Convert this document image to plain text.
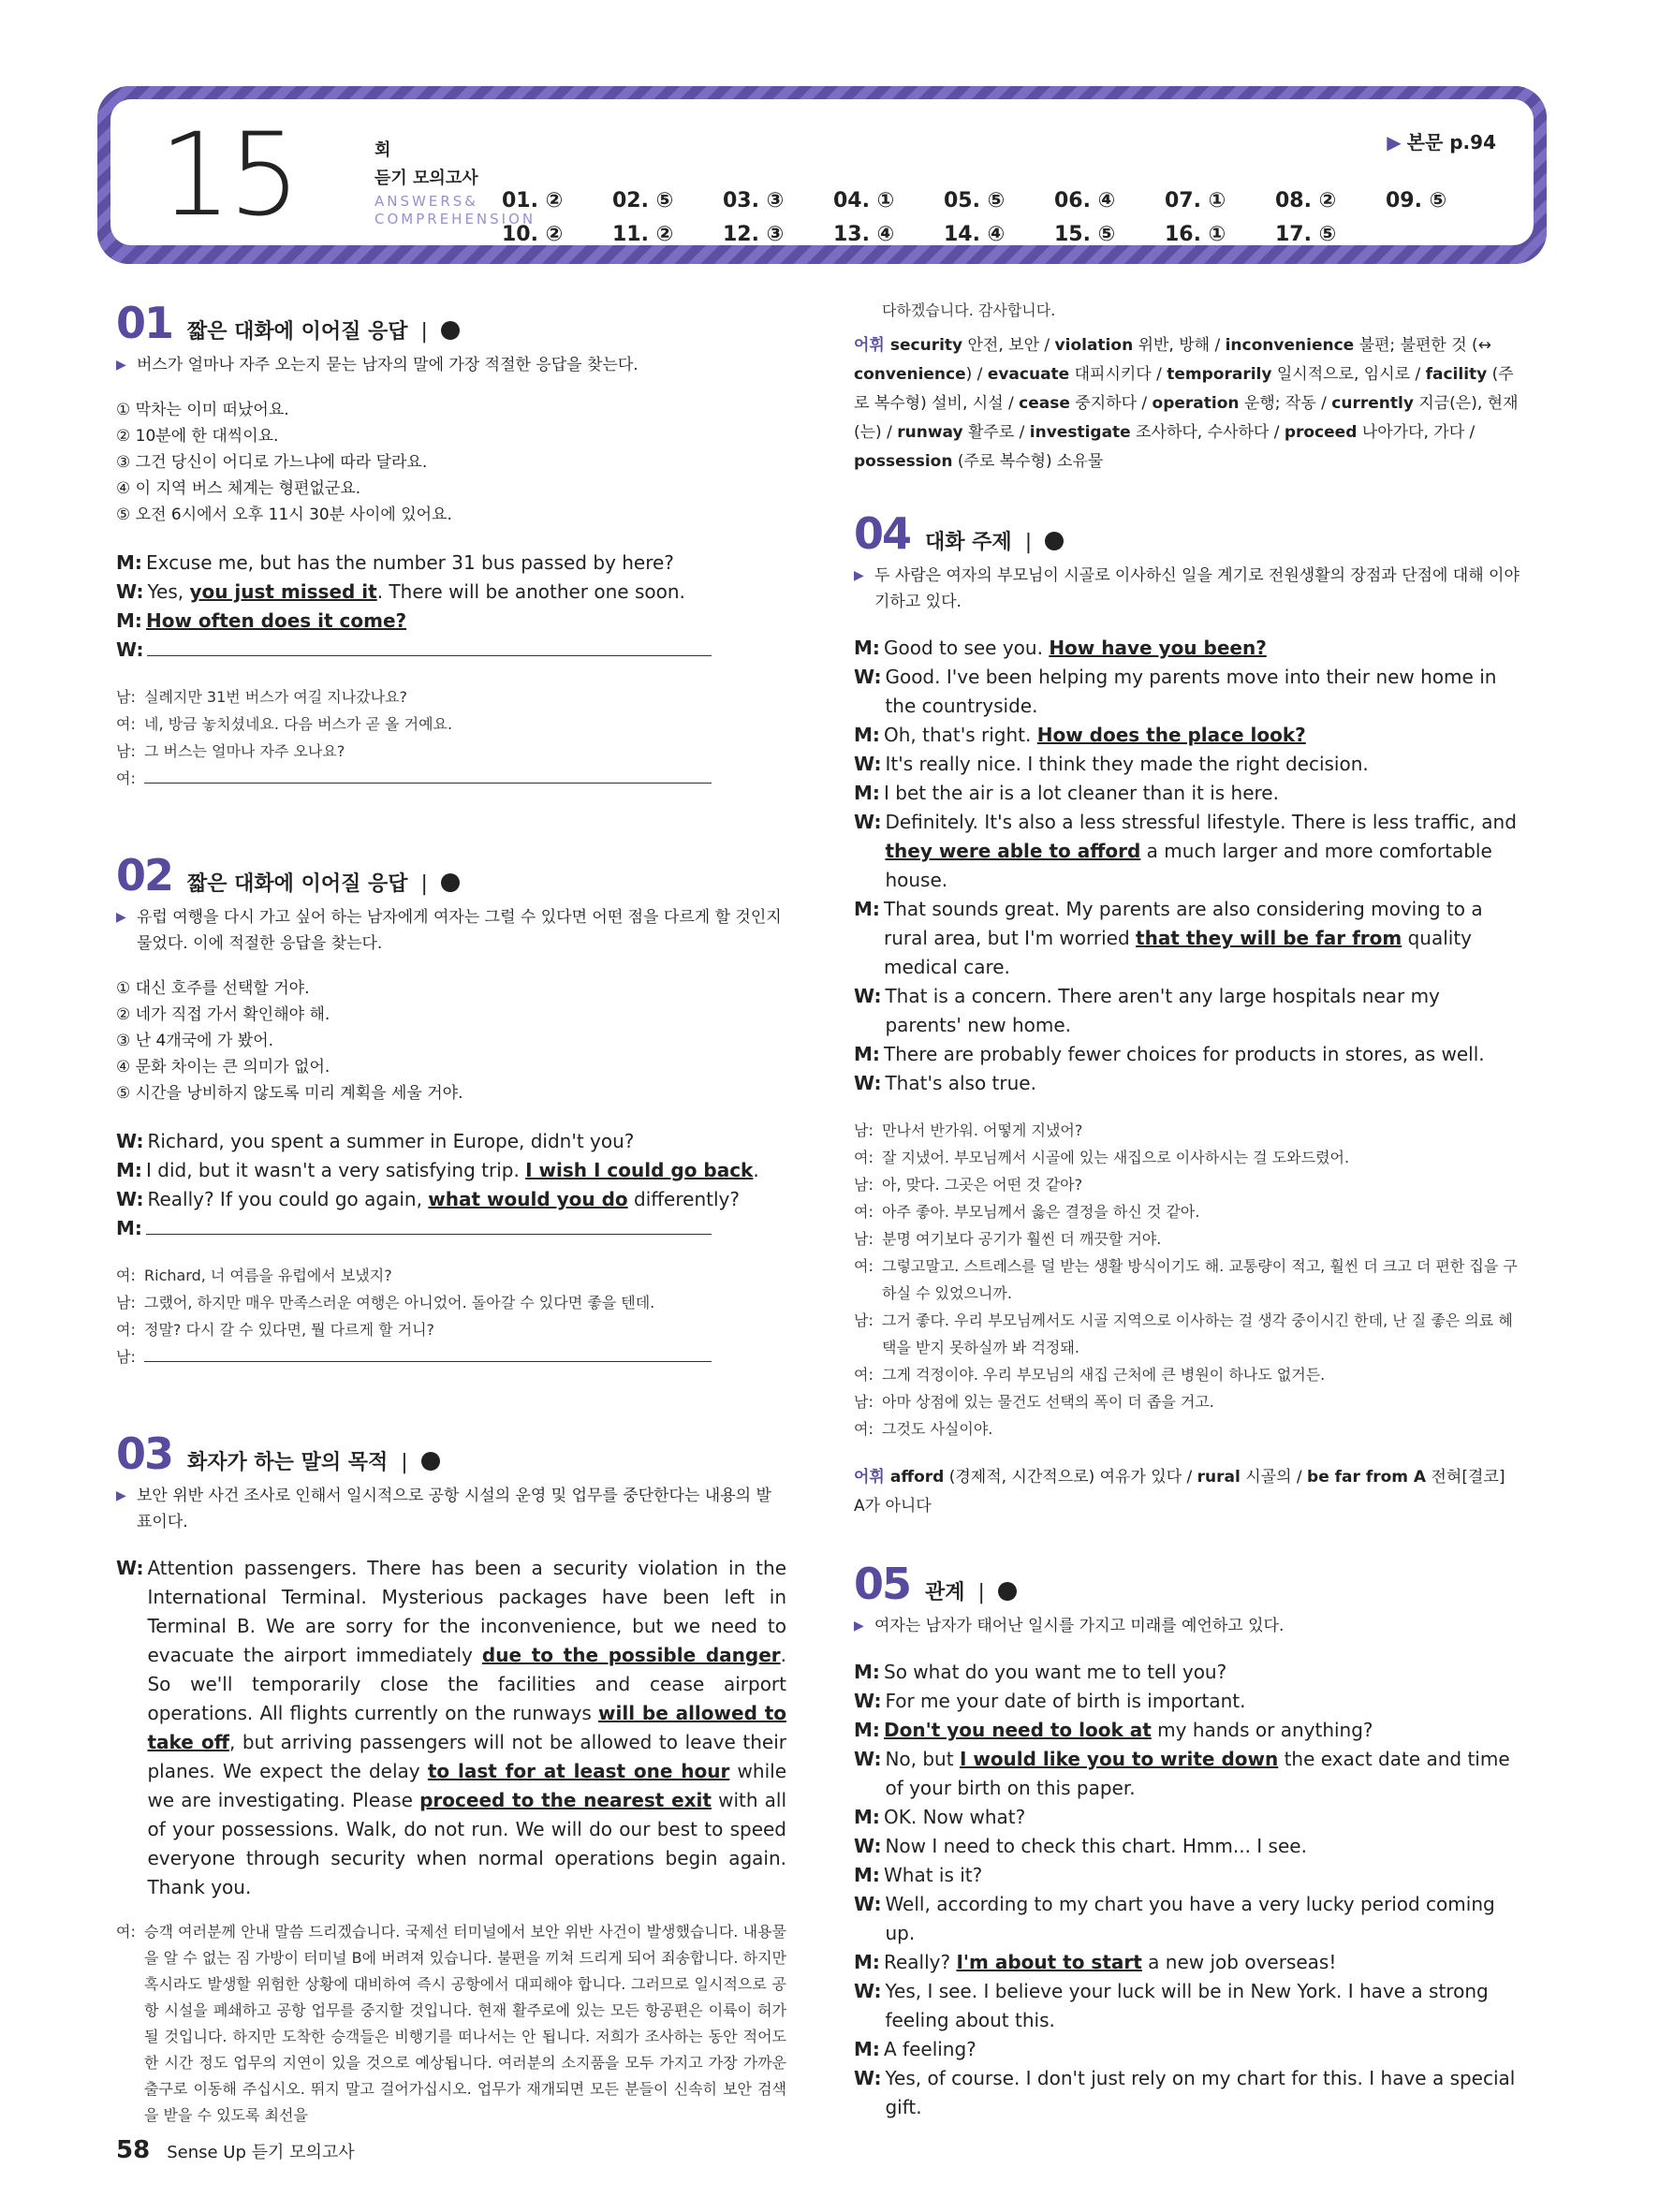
15	회
듣기 모의고사
ANSWERS&
COMPREHENSION
▶ 본문 p.94
01. ②	02. ⑤	03. ③	04. ①	05. ⑤	06. ④	07. ①	08. ②	09. ⑤
10. ②	11. ②	12. ③	13. ④	14. ④	15. ⑤	16. ①	17. ⑤
01 짧은 대화에 이어질 응답 |
▶ 버스가 얼마나 자주 오는지 묻는 남자의 말에 가장 적절한 응답을 찾는다.
① 막차는 이미 떠났어요.
② 10분에 한 대씩이요.
③ 그건 당신이 어디로 가느냐에 따라 달라요.
④ 이 지역 버스 체계는 형편없군요.
⑤ 오전 6시에서 오후 11시 30분 사이에 있어요.
M: Excuse me, but has the number 31 bus passed by here?
W: Yes, you just missed it. There will be another one soon.
M: How often does it come?
W:
남: 실례지만 31번 버스가 여길 지나갔나요?
여: 네, 방금 놓치셨네요. 다음 버스가 곧 올 거예요.
남: 그 버스는 얼마나 자주 오나요?
여:
02 짧은 대화에 이어질 응답 |
▶ 유럽 여행을 다시 가고 싶어 하는 남자에게 여자는 그럴 수 있다면 어떤 점을 다르게 할 것인지 물었다. 이에 적절한 응답을 찾는다.
① 대신 호주를 선택할 거야.
② 네가 직접 가서 확인해야 해.
③ 난 4개국에 가 봤어.
④ 문화 차이는 큰 의미가 없어.
⑤ 시간을 낭비하지 않도록 미리 계획을 세울 거야.
W: Richard, you spent a summer in Europe, didn't you?
M: I did, but it wasn't a very satisfying trip. I wish I could go back.
W: Really? If you could go again, what would you do differently?
M:
여: Richard, 너 여름을 유럽에서 보냈지?
남: 그랬어, 하지만 매우 만족스러운 여행은 아니었어. 돌아갈 수 있다면 좋을 텐데.
여: 정말? 다시 갈 수 있다면, 뭘 다르게 할 거니?
남:
03 화자가 하는 말의 목적 |
▶ 보안 위반 사건 조사로 인해서 일시적으로 공항 시설의 운영 및 업무를 중단한다는 내용의 발표이다.
W: Attention passengers. There has been a security violation in the International Terminal. Mysterious packages have been left in Terminal B. We are sorry for the inconvenience, but we need to evacuate the airport immediately due to the possible danger. So we'll temporarily close the facilities and cease airport operations. All flights currently on the runways will be allowed to take off, but arriving passengers will not be allowed to leave their planes. We expect the delay to last for at least one hour while we are investigating. Please proceed to the nearest exit with all of your possessions. Walk, do not run. We will do our best to speed everyone through security when normal operations begin again. Thank you.
여: 승객 여러분께 안내 말씀 드리겠습니다. 국제선 터미널에서 보안 위반 사건이 발생했습니다. 내용물을 알 수 없는 짐 가방이 터미널 B에 버려져 있습니다. 불편을 끼쳐 드리게 되어 죄송합니다. 하지만 혹시라도 발생할 위험한 상황에 대비하여 즉시 공항에서 대피해야 합니다. 그러므로 일시적으로 공항 시설을 폐쇄하고 공항 업무를 중지할 것입니다. 현재 활주로에 있는 모든 항공편은 이륙이 허가될 것입니다. 하지만 도착한 승객들은 비행기를 떠나서는 안 됩니다. 저희가 조사하는 동안 적어도 한 시간 정도 업무의 지연이 있을 것으로 예상됩니다. 여러분의 소지품을 모두 가지고 가장 가까운 출구로 이동해 주십시오. 뛰지 말고 걸어가십시오. 업무가 재개되면 모든 분들이 신속히 보안 검색을 받을 수 있도록 최선을
다하겠습니다. 감사합니다.
어휘 security 안전, 보안 / violation 위반, 방해 / inconvenience 불편; 불편한 것 (↔ convenience) / evacuate 대피시키다 / temporarily 일시적으로, 임시로 / facility (주로 복수형) 설비, 시설 / cease 중지하다 / operation 운행; 작동 / currently 지금(은), 현재(는) / runway 활주로 / investigate 조사하다, 수사하다 / proceed 나아가다, 가다 / possession (주로 복수형) 소유물
04 대화 주제 |
▶ 두 사람은 여자의 부모님이 시골로 이사하신 일을 계기로 전원생활의 장점과 단점에 대해 이야기하고 있다.
M: Good to see you. How have you been?
W: Good. I've been helping my parents move into their new home in the countryside.
M: Oh, that's right. How does the place look?
W: It's really nice. I think they made the right decision.
M: I bet the air is a lot cleaner than it is here.
W: Definitely. It's also a less stressful lifestyle. There is less traffic, and they were able to afford a much larger and more comfortable house.
M: That sounds great. My parents are also considering moving to a rural area, but I'm worried that they will be far from quality medical care.
W: That is a concern. There aren't any large hospitals near my parents' new home.
M: There are probably fewer choices for products in stores, as well.
W: That's also true.
남: 만나서 반가워. 어떻게 지냈어?
여: 잘 지냈어. 부모님께서 시골에 있는 새집으로 이사하시는 걸 도와드렸어.
남: 아, 맞다. 그곳은 어떤 것 같아?
여: 아주 좋아. 부모님께서 옳은 결정을 하신 것 같아.
남: 분명 여기보다 공기가 훨씬 더 깨끗할 거야.
여: 그렇고말고. 스트레스를 덜 받는 생활 방식이기도 해. 교통량이 적고, 훨씬 더 크고 더 편한 집을 구하실 수 있었으니까.
남: 그거 좋다. 우리 부모님께서도 시골 지역으로 이사하는 걸 생각 중이시긴 한데, 난 질 좋은 의료 혜택을 받지 못하실까 봐 걱정돼.
여: 그게 걱정이야. 우리 부모님의 새집 근처에 큰 병원이 하나도 없거든.
남: 아마 상점에 있는 물건도 선택의 폭이 더 좁을 거고.
여: 그것도 사실이야.
어휘 afford (경제적, 시간적으로) 여유가 있다 / rural 시골의 / be far from A 전혀[결코] A가 아니다
05 관계 |
▶ 여자는 남자가 태어난 일시를 가지고 미래를 예언하고 있다.
M: So what do you want me to tell you?
W: For me your date of birth is important.
M: Don't you need to look at my hands or anything?
W: No, but I would like you to write down the exact date and time of your birth on this paper.
M: OK. Now what?
W: Now I need to check this chart. Hmm... I see.
M: What is it?
W: Well, according to my chart you have a very lucky period coming up.
M: Really? I'm about to start a new job overseas!
W: Yes, I see. I believe your luck will be in New York. I have a strong feeling about this.
M: A feeling?
W: Yes, of course. I don't just rely on my chart for this. I have a special gift.
58 Sense Up 듣기 모의고사
